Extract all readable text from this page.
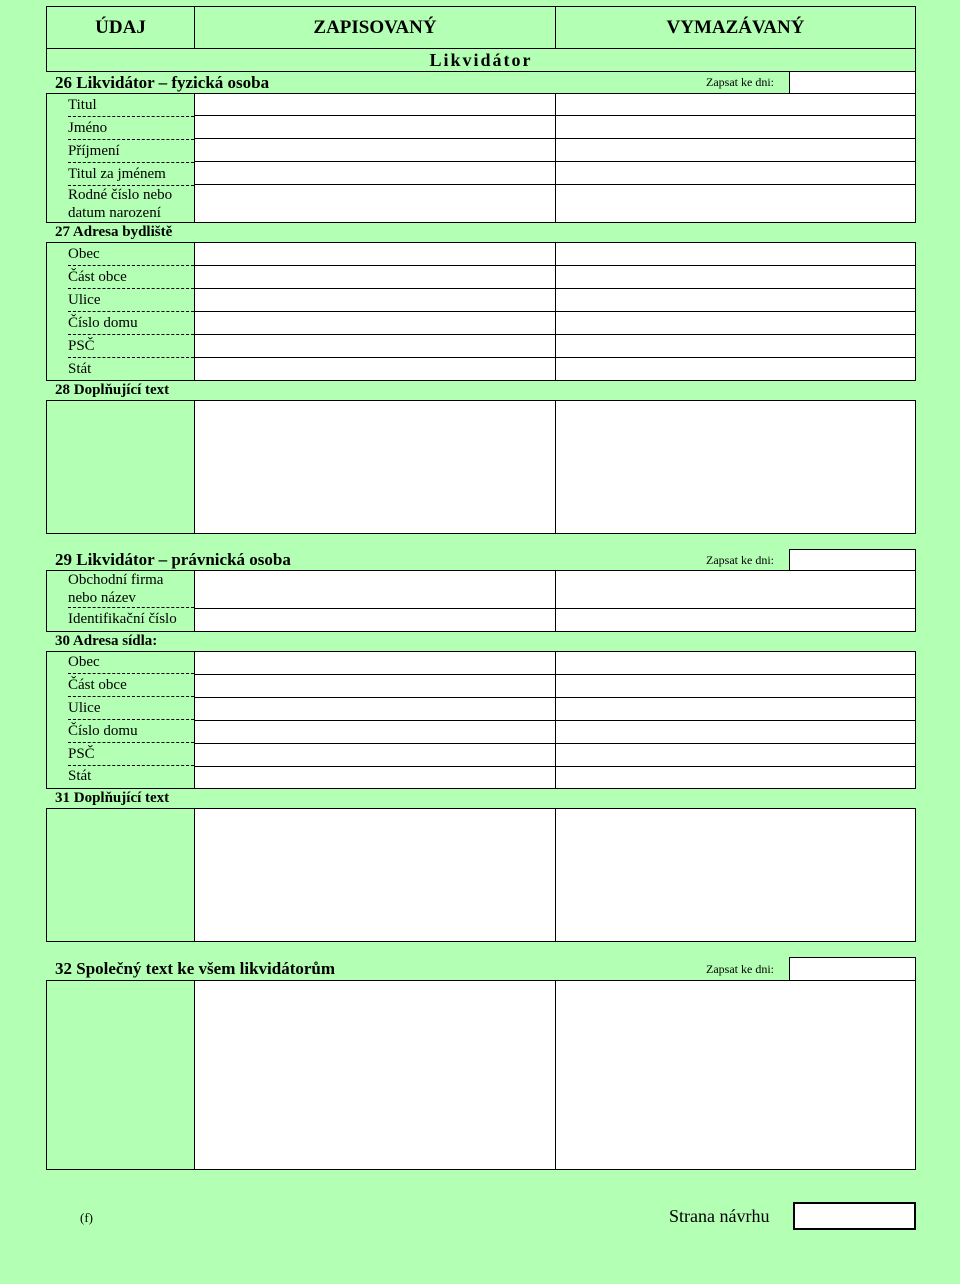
ÚDAJ	ZAPISOVANÝ	VYMAZÁVANÝ
Likvidátor
26 Likvidátor – fyzická osoba	Zapsat ke dni:
Titul
Jméno
Příjmení
Titul za jménem
Rodné číslo nebo
datum narození
27 Adresa bydliště
Obec
Část obce
Ulice
Číslo domu
PSČ
Stát
28 Doplňující text
29 Likvidátor – právnická osoba	Zapsat ke dni:
Obchodní firma
nebo název
Identifikační číslo
30 Adresa sídla:
Obec
Část obce
Ulice
Číslo domu
PSČ
Stát
31 Doplňující text
32 Společný text ke všem likvidátorům	Zapsat ke dni:
(f)	Strana návrhu
